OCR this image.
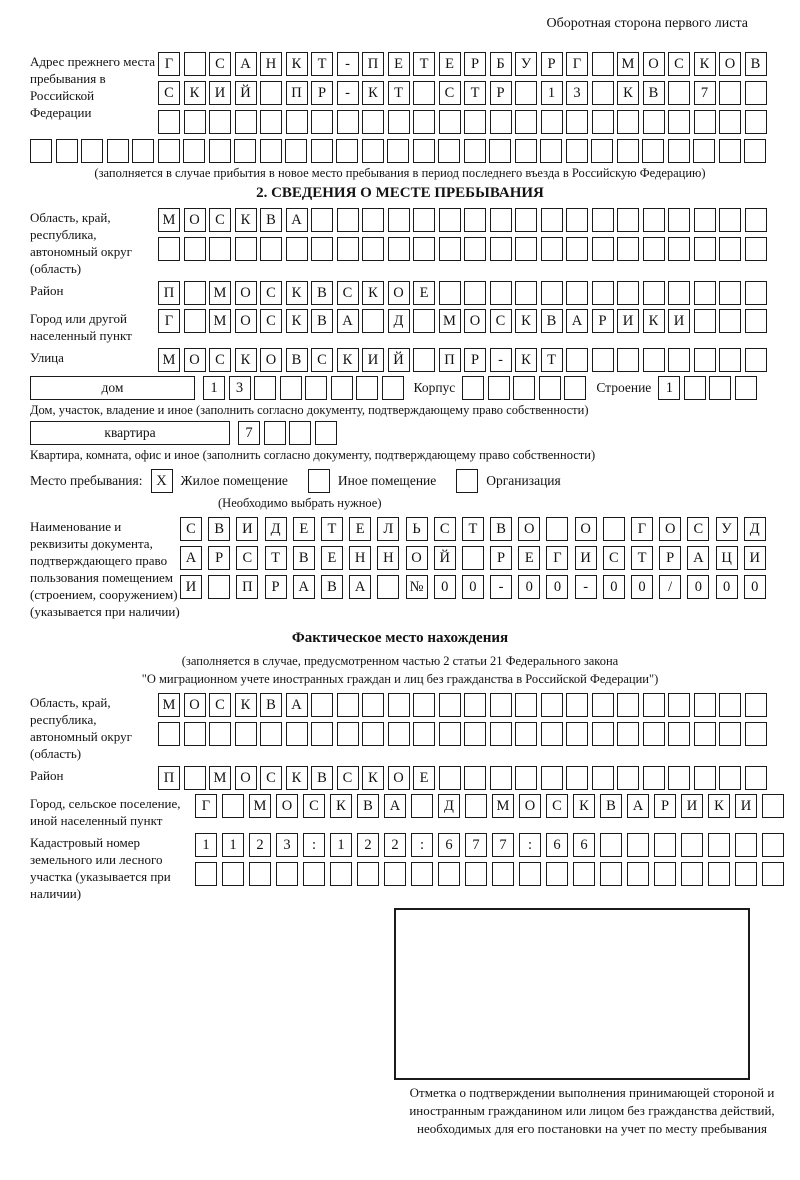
Оборотная сторона первого листа
Адрес прежнего места пребывания в Российской Федерации
Г	С	А	Н	К	Т	-	П	Е	Т	Е	Р	Б	У	Р	Г	М О	С	К	О	В
С	К	И	Й	П	Р	-	К	Т	С	Т	Р	1	3	К	В	7
(заполняется в случае прибытия в новое место пребывания в период последнего въезда в Российскую Федерацию)
2. СВЕДЕНИЯ О МЕСТЕ ПРЕБЫВАНИЯ
Область, край, республика, автономный округ (область)
М О	С	К	В	А
Район	П	М О	С	К	В	С	К	О	Е
Город или другой населенный пункт
Г	М О	С	К	В	А	Д	М О	С	К	В	А	Р	И	К	И
Улица	М О	С	К	О	В	С	К	И	Й	П	Р	-	К	Т
дом	1	3	Корпус	Строение 1
Дом, участок, владение и иное (заполнить согласно документу, подтверждающему право собственности)
квартира	7
Квартира, комната, офис и иное (заполнить согласно документу, подтверждающему право собственности)
Место пребывания: X	Жилое помещение	Иное помещение	Организация
(Необходимо выбрать нужное)
Наименование и реквизиты документа, подтверждающего право пользования помещением (строением, сооружением) (указывается при наличии)
С	В	И	Д	Е	Т	Е	Л	Ь	С	Т	В	О	О	Г	О	С	У	Д
А	Р	С	Т	В	Е	Н	Н	О	Й	Р	Е	Г	И	С	Т	Р	А	Ц	И
И	П	Р	А	В	А	№	0	0	-	0	0	-	0	0	/	0	0	0
Фактическое место нахождения
(заполняется в случае, предусмотренном частью 2 статьи 21 Федерального закона
"О миграционном учете иностранных граждан и лиц без гражданства в Российской Федерации")
Область, край, республика, автономный округ (область)
М О	С	К	В	А
Район	П	М О	С	К	В	С	К	О	Е
Город, сельское поселение, иной населенный пункт
Г	М	О	С	К	В	А	Д	М	О	С	К	В	А	Р	И	К	И
Кадастровый номер земельного или лесного участка (указывается при наличии)
1	1	2	3	:	1	2	2	:	6	7	7	:	6	6
Отметка о подтверждении выполнения принимающей стороной и иностранным гражданином или лицом без гражданства действий, необходимых для его постановки на учет по месту пребывания
